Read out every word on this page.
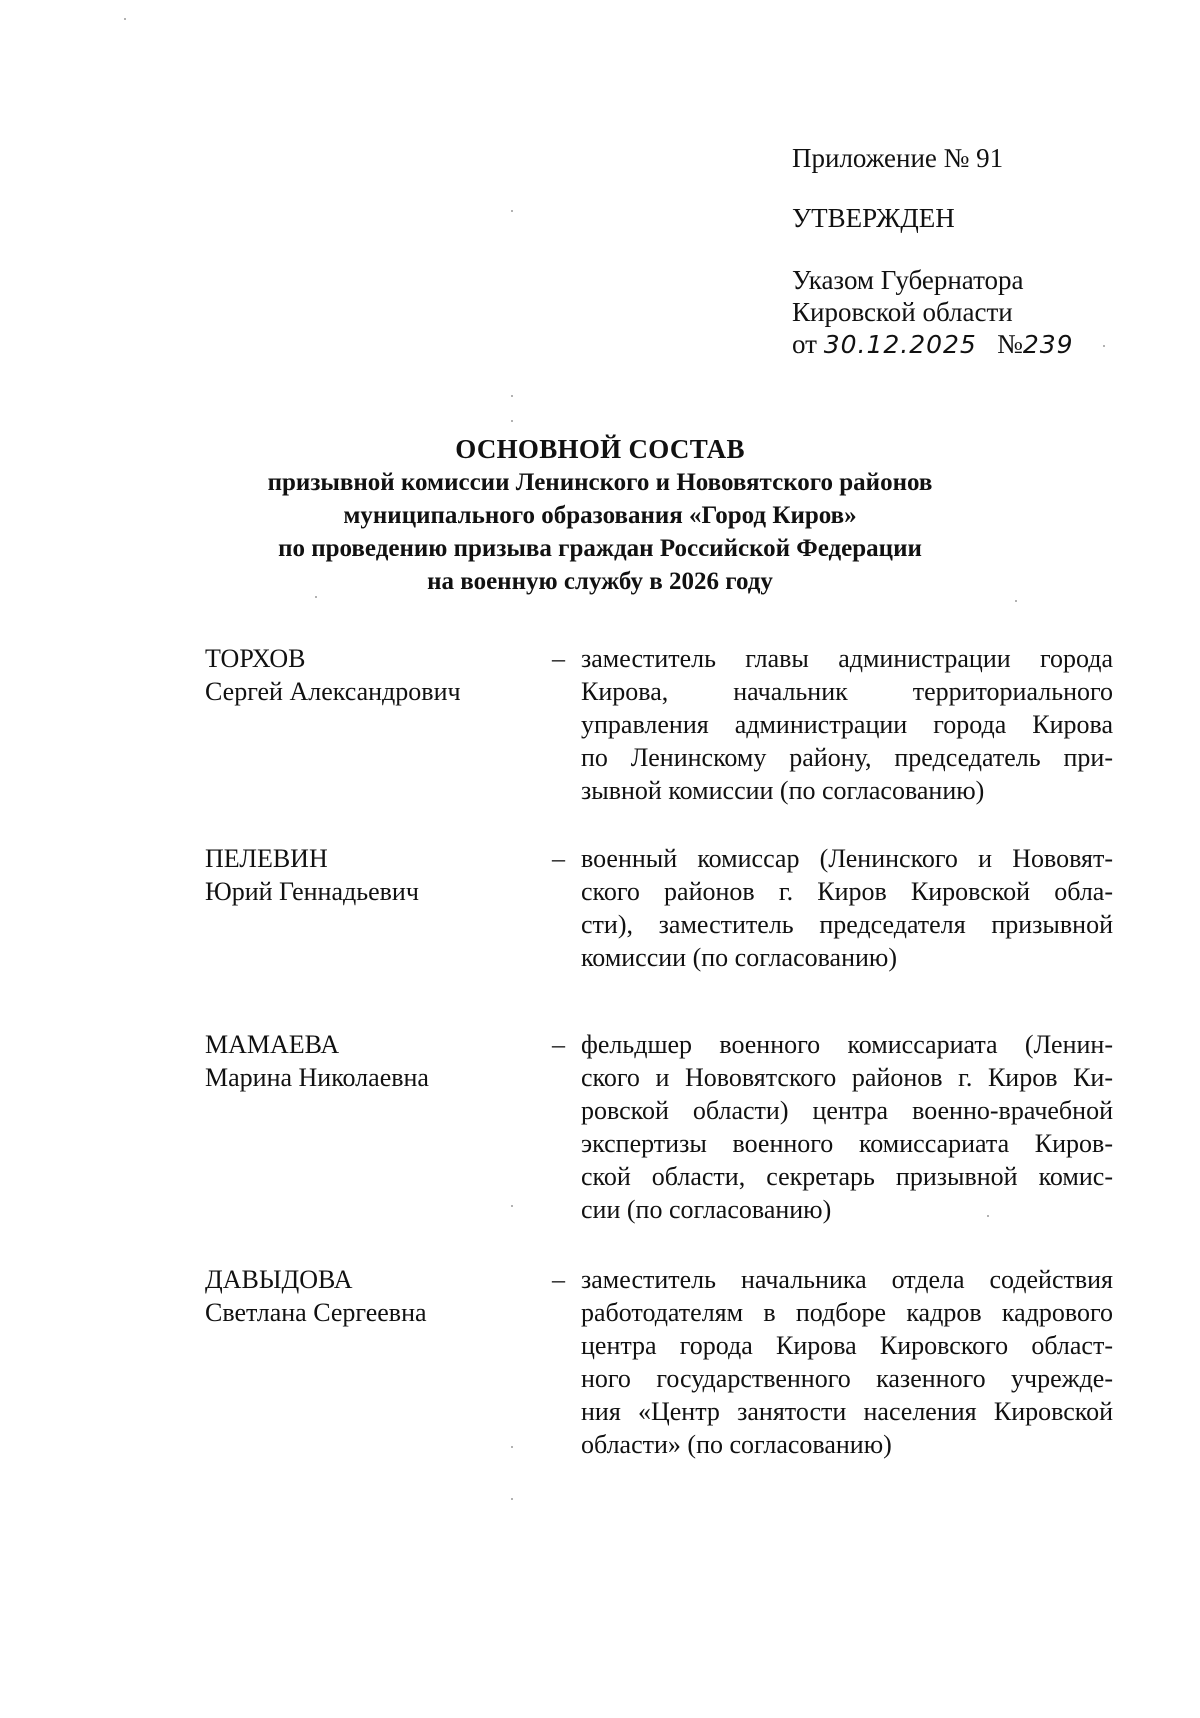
Приложение № 91
УТВЕРЖДЕН
Указом Губернатора
Кировской области
от 30.12.2025 №239
ОСНОВНОЙ СОСТАВ
призывной комиссии Ленинского и Нововятского районов
муниципального образования «Город Киров»
по проведению призыва граждан Российской Федерации
на военную службу в 2026 году
ТОРХОВ
Сергей Александрович
– заместитель главы администрации города
Кирова, начальник территориального
управления администрации города Кирова
по Ленинскому району, председатель при-
зывной комиссии (по согласованию)
ПЕЛЕВИН
Юрий Геннадьевич
– военный комиссар (Ленинского и Нововят-
ского районов г. Киров Кировской обла-
сти), заместитель председателя призывной
комиссии (по согласованию)
МАМАЕВА
Марина Николаевна
– фельдшер военного комиссариата (Ленин-
ского и Нововятского районов г. Киров Ки-
ровской области) центра военно-врачебной
экспертизы военного комиссариата Киров-
ской области, секретарь призывной комис-
сии (по согласованию)
ДАВЫДОВА
Светлана Сергеевна
– заместитель начальника отдела содействия
работодателям в подборе кадров кадрового
центра города Кирова Кировского област-
ного государственного казенного учрежде-
ния «Центр занятости населения Кировской
области» (по согласованию)
